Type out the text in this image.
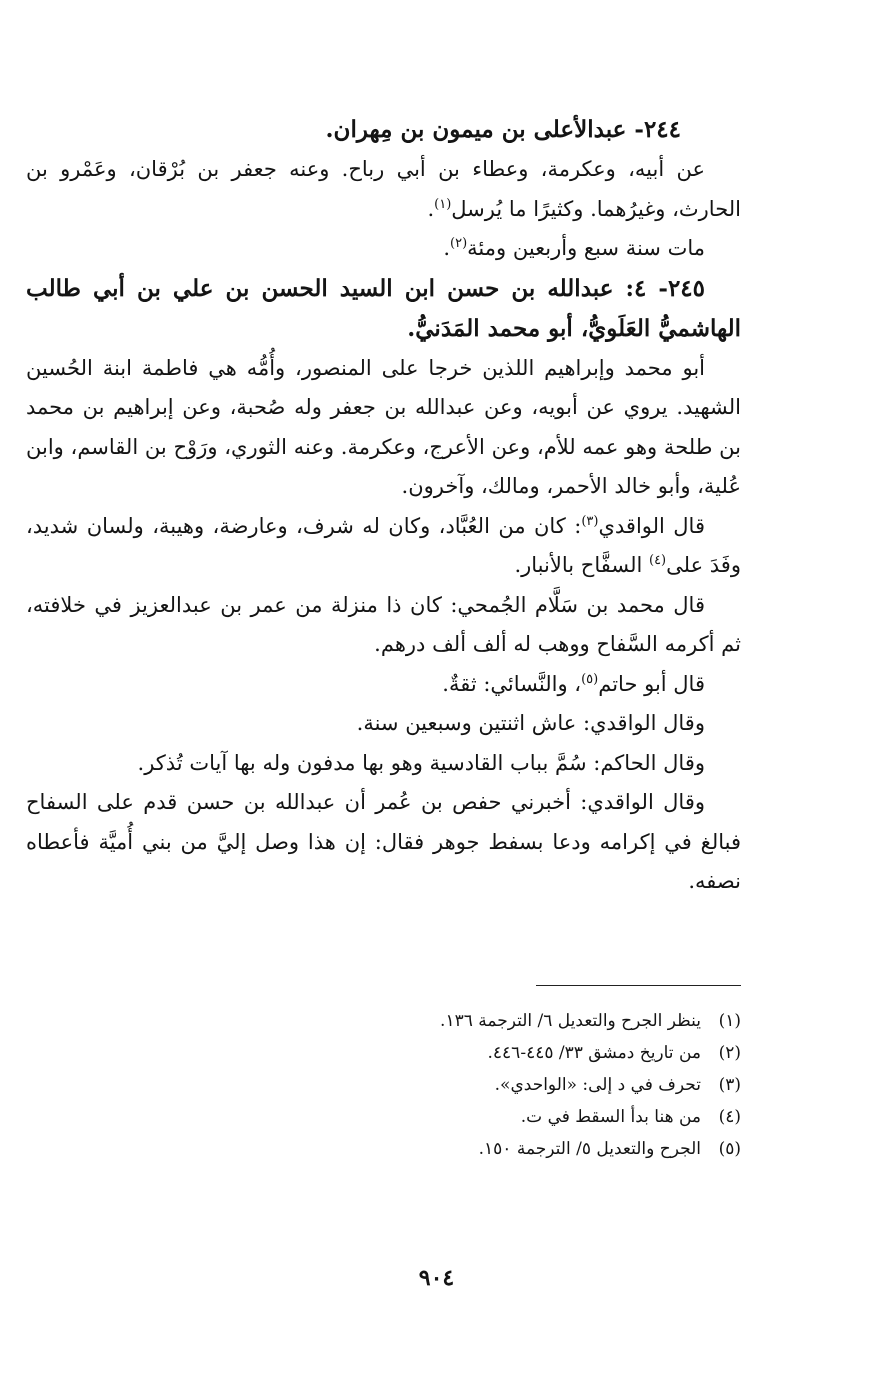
٢٤٤- عبدالأعلى بن ميمون بن مِهران.

عن أبيه، وعكرمة، وعطاء بن أبي رباح. وعنه جعفر بن بُرْقان، وعَمْرو بن الحارث، وغيرُهما. وكثيرًا ما يُرسل$^{(١)}$.

مات سنة سبع وأربعين ومئة$^{(٢)}$.

٢٤٥- ٤: عبدالله بن حسن ابن السيد الحسن بن علي بن أبي طالب الهاشميُّ العَلَويُّ، أبو محمد المَدَنيُّ.

أبو محمد وإبراهيم اللذين خرجا على المنصور، وأُمُّه هي فاطمة ابنة الحُسين الشهيد. يروي عن أبويه، وعن عبدالله بن جعفر وله صُحبة، وعن إبراهيم بن محمد بن طلحة وهو عمه للأم، وعن الأعرج، وعكرمة. وعنه الثوري، ورَوْح بن القاسم، وابن عُلية، وأبو خالد الأحمر، ومالك، وآخرون.

قال الواقدي$^{(٣)}$: كان من العُبَّاد، وكان له شرف، وعارضة، وهيبة، ولسان شديد، وفَدَ على$^{(٤)}$ السفَّاح بالأنبار.

قال محمد بن سَلَّام الجُمحي: كان ذا منزلة من عمر بن عبدالعزيز في خلافته، ثم أكرمه السَّفاح ووهب له ألف ألف درهم.

قال أبو حاتم$^{(٥)}$، والنَّسائي: ثقةٌ.

وقال الواقدي: عاش اثنتين وسبعين سنة.

وقال الحاكم: سُمَّ بباب القادسية وهو بها مدفون وله بها آيات تُذكر.

وقال الواقدي: أخبرني حفص بن عُمر أن عبدالله بن حسن قدم على السفاح فبالغ في إكرامه ودعا بسفط جوهر فقال: إن هذا وصل إليَّ من بني أُميَّة فأعطاه نصفه.

(١)
ينظر الجرح والتعديل ٦/ الترجمة ١٣٦.
(٢)
من تاريخ دمشق ٣٣/ ٤٤٥-٤٤٦.
(٣)
تحرف في د إلى: «الواحدي».
(٤)
من هنا بدأ السقط في ت.
(٥)
الجرح والتعديل ٥/ الترجمة ١٥٠.
٩٠٤
